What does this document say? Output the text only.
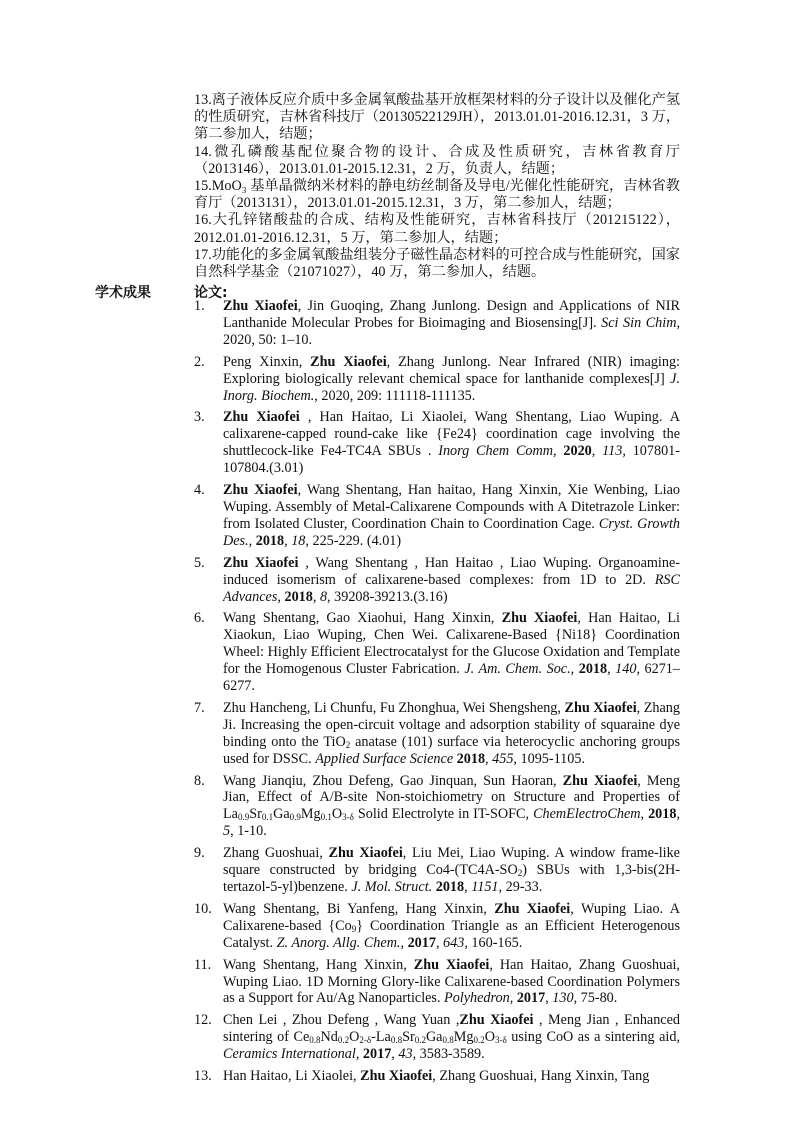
13.离子液体反应介质中多金属氧酸盐基开放框架材料的分子设计以及催化产氢的性质研究，吉林省科技厅（20130522129JH），2013.01.01-2016.12.31，3 万，第二参加人，结题；
14.微孔磷酸基配位聚合物的设计、合成及性质研究，吉林省教育厅（2013146），2013.01.01-2015.12.31，2 万，负责人，结题；
15.MoO₃ 基单晶微纳米材料的静电纺丝制备及导电/光催化性能研究，吉林省教育厅（2013131），2013.01.01-2015.12.31，3 万，第二参加人，结题；
16.大孔锌锗酸盐的合成、结构及性能研究，吉林省科技厅（201215122），2012.01.01-2016.12.31，5 万，第二参加人，结题；
17.功能化的多金属氧酸盐组装分子磁性晶态材料的可控合成与性能研究，国家自然科学基金（21071027），40 万，第二参加人，结题。
学术成果	论文:
1.	Zhu Xiaofei, Jin Guoqing, Zhang Junlong. Design and Applications of NIR Lanthanide Molecular Probes for Bioimaging and Biosensing[J]. Sci Sin Chim, 2020, 50: 1–10.
2.	Peng Xinxin, Zhu Xiaofei, Zhang Junlong. Near Infrared (NIR) imaging: Exploring biologically relevant chemical space for lanthanide complexes[J] J. Inorg. Biochem., 2020, 209: 111118-111135.
3.	Zhu Xiaofei , Han Haitao, Li Xiaolei, Wang Shentang, Liao Wuping. A calixarene-capped round-cake like {Fe24} coordination cage involving the shuttlecock-like Fe4-TC4A SBUs . Inorg Chem Comm, 2020, 113, 107801-107804.(3.01)
4.	Zhu Xiaofei, Wang Shentang, Han haitao, Hang Xinxin, Xie Wenbing, Liao Wuping. Assembly of Metal-Calixarene Compounds with A Ditetrazole Linker: from Isolated Cluster, Coordination Chain to Coordination Cage. Cryst. Growth Des., 2018, 18, 225-229. (4.01)
5.	Zhu Xiaofei , Wang Shentang , Han Haitao , Liao Wuping. Organoamine-induced isomerism of calixarene-based complexes: from 1D to 2D. RSC Advances, 2018, 8, 39208-39213.(3.16)
6.	Wang Shentang, Gao Xiaohui, Hang Xinxin, Zhu Xiaofei, Han Haitao, Li Xiaokun, Liao Wuping, Chen Wei. Calixarene-Based {Ni18} Coordination Wheel: Highly Efficient Electrocatalyst for the Glucose Oxidation and Template for the Homogenous Cluster Fabrication. J. Am. Chem. Soc., 2018, 140, 6271–6277.
7.	Zhu Hancheng, Li Chunfu, Fu Zhonghua, Wei Shengsheng, Zhu Xiaofei, Zhang Ji. Increasing the open-circuit voltage and adsorption stability of squaraine dye binding onto the TiO$_2$ anatase (101) surface via heterocyclic anchoring groups used for DSSC. Applied Surface Science 2018, 455, 1095-1105.
8.	Wang Jianqiu, Zhou Defeng, Gao Jinquan, Sun Haoran, Zhu Xiaofei, Meng Jian, Effect of A/B-site Non-stoichiometry on Structure and Properties of $La_{0.9}Sr_{0.1}Ga_{0.9}Mg_{0.1}O_{3-\delta}$ Solid Electrolyte in IT-SOFC, ChemElectroChem, 2018, 5, 1-10.
9.	Zhang Guoshuai, Zhu Xiaofei, Liu Mei, Liao Wuping. A window frame-like square constructed by bridging $Co4-(TC4A-SO_2)$ SBUs with 1,3-bis(2H-tertazol-5-yl)benzene. J. Mol. Struct. 2018, 1151, 29-33.
10. Wang Shentang, Bi Yanfeng, Hang Xinxin, Zhu Xiaofei, Wuping Liao. A Calixarene-based $\{Co_9\}$ Coordination Triangle as an Efficient Heterogenous Catalyst. Z. Anorg. Allg. Chem., 2017, 643, 160-165.
11. Wang Shentang, Hang Xinxin, Zhu Xiaofei, Han Haitao, Zhang Guoshuai, Wuping Liao. 1D Morning Glory-like Calixarene-based Coordination Polymers as a Support for Au/Ag Nanoparticles. Polyhedron, 2017, 130, 75-80.
12. Chen Lei , Zhou Defeng , Wang Yuan ,Zhu Xiaofei , Meng Jian , Enhanced sintering of $Ce_{0.8}Nd_{0.2}O_{2-\delta}-La_{0.8}Sr_{0.2}Ga_{0.8}Mg_{0.2}O_{3-\delta}$ using CoO as a sintering aid, Ceramics International, 2017, 43, 3583-3589.
13. Han Haitao, Li Xiaolei, Zhu Xiaofei, Zhang Guoshuai, Hang Xinxin, Tang
